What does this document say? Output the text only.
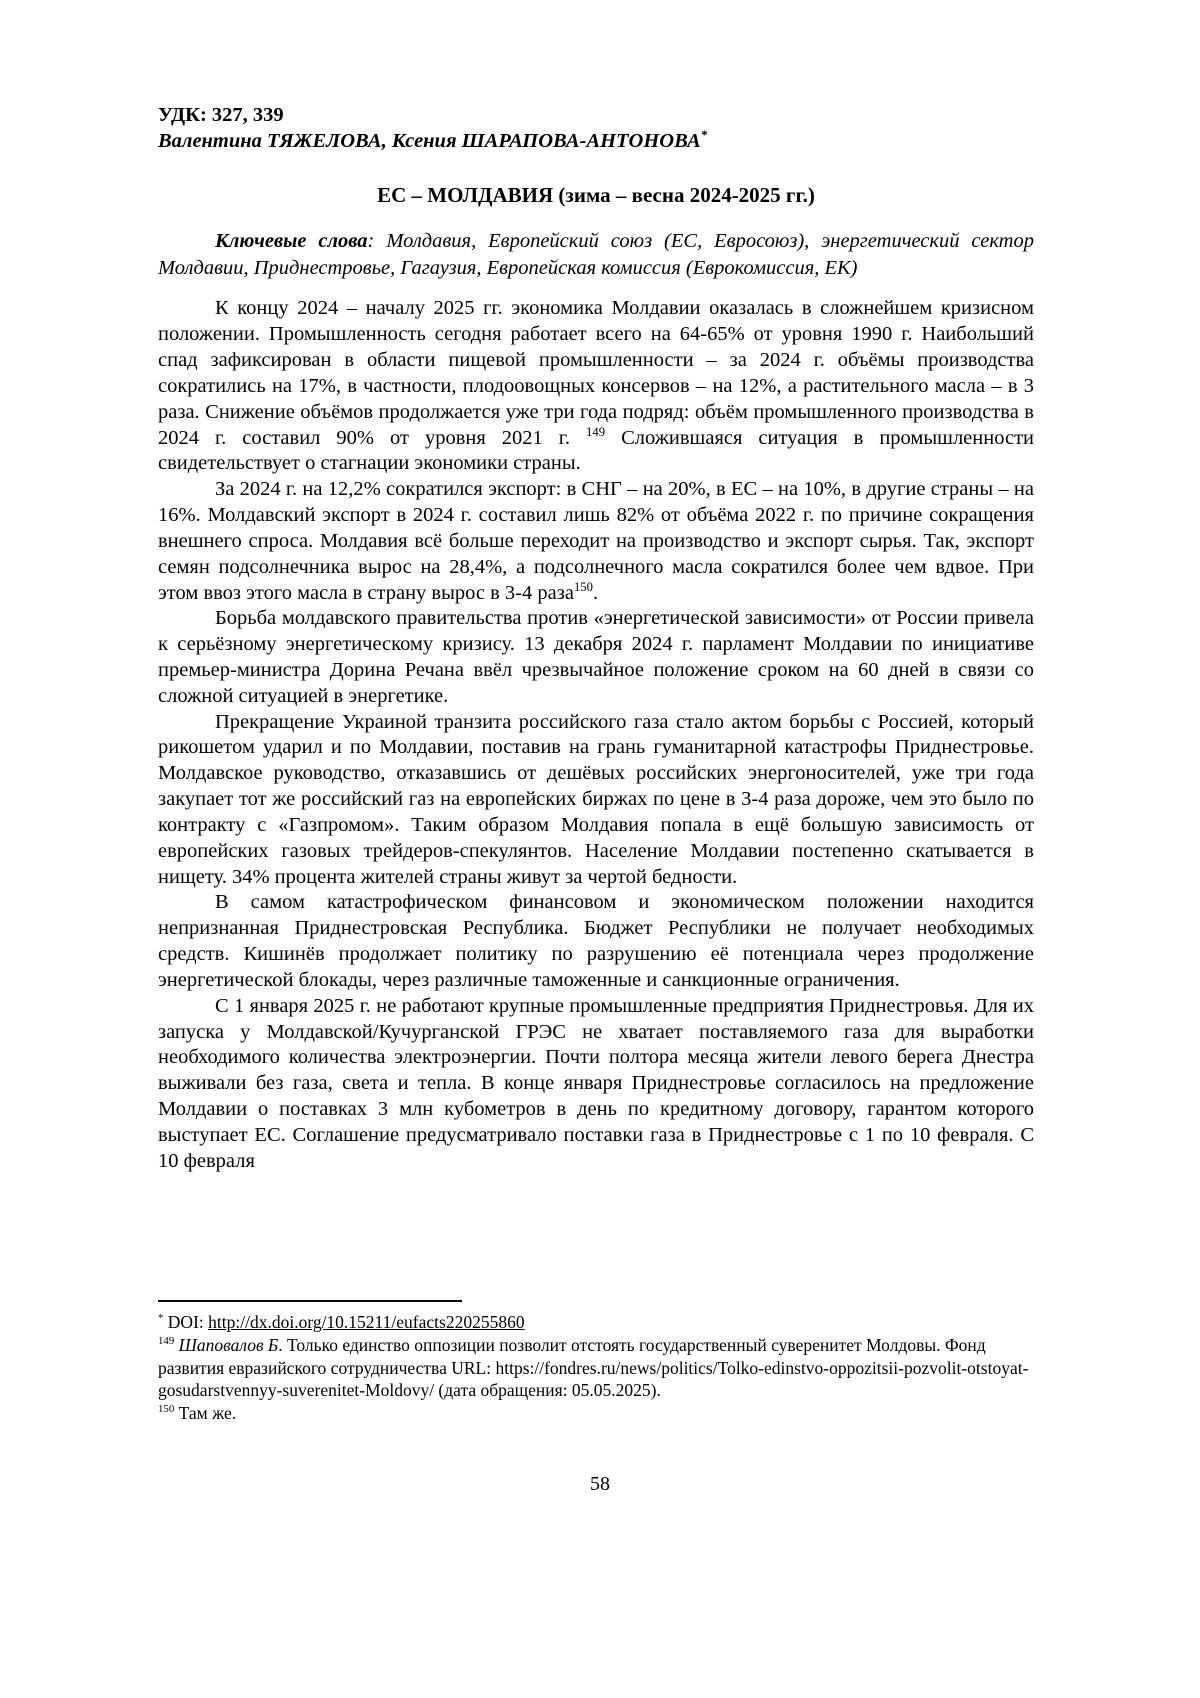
УДК: 327, 339
Валентина ТЯЖЕЛОВА, Ксения ШАРАПОВА-АНТОНОВА*
ЕС – МОЛДАВИЯ (зима – весна 2024-2025 гг.)

Ключевые слова: Молдавия, Европейский союз (ЕС, Евросоюз), энергетический сектор Молдавии, Приднестровье, Гагаузия, Европейская комиссия (Еврокомиссия, ЕК)

К концу 2024 – началу 2025 гг. экономика Молдавии оказалась в сложнейшем кризисном положении. Промышленность сегодня работает всего на 64-65% от уровня 1990 г. Наибольший спад зафиксирован в области пищевой промышленности – за 2024 г. объёмы производства сократились на 17%, в частности, плодоовощных консервов – на 12%, а растительного масла – в 3 раза. Снижение объёмов продолжается уже три года подряд: объём промышленного производства в 2024 г. составил 90% от уровня 2021 г. $^{149}$ Сложившаяся ситуация в промышленности свидетельствует о стагнации экономики страны.

За 2024 г. на 12,2% сократился экспорт: в СНГ – на 20%, в ЕС – на 10%, в другие страны – на 16%. Молдавский экспорт в 2024 г. составил лишь 82% от объёма 2022 г. по причине сокращения внешнего спроса. Молдавия всё больше переходит на производство и экспорт сырья. Так, экспорт семян подсолнечника вырос на 28,4%, а подсолнечного масла сократился более чем вдвое. При этом ввоз этого масла в страну вырос в 3-4 раза$^{150}$.

Борьба молдавского правительства против «энергетической зависимости» от России привела к серьёзному энергетическому кризису. 13 декабря 2024 г. парламент Молдавии по инициативе премьер-министра Дорина Речана ввёл чрезвычайное положение сроком на 60 дней в связи со сложной ситуацией в энергетике.

Прекращение Украиной транзита российского газа стало актом борьбы с Россией, который рикошетом ударил и по Молдавии, поставив на грань гуманитарной катастрофы Приднестровье. Молдавское руководство, отказавшись от дешёвых российских энергоносителей, уже три года закупает тот же российский газ на европейских биржах по цене в 3-4 раза дороже, чем это было по контракту с «Газпромом». Таким образом Молдавия попала в ещё большую зависимость от европейских газовых трейдеров-спекулянтов. Население Молдавии постепенно скатывается в нищету. 34% процента жителей страны живут за чертой бедности.

В самом катастрофическом финансовом и экономическом положении находится непризнанная Приднестровская Республика. Бюджет Республики не получает необходимых средств. Кишинёв продолжает политику по разрушению её потенциала через продолжение энергетической блокады, через различные таможенные и санкционные ограничения.

С 1 января 2025 г. не работают крупные промышленные предприятия Приднестровья. Для их запуска у Молдавской/Кучурганской ГРЭС не хватает поставляемого газа для выработки необходимого количества электроэнергии. Почти полтора месяца жители левого берега Днестра выживали без газа, света и тепла. В конце января Приднестровье согласилось на предложение Молдавии о поставках 3 млн кубометров в день по кредитному договору, гарантом которого выступает ЕС. Соглашение предусматривало поставки газа в Приднестровье с 1 по 10 февраля. С 10 февраля

* DOI: http://dx.doi.org/10.15211/eufacts220255860
$^{149}$ Шаповалов Б. Только единство оппозиции позволит отстоять государственный суверенитет Молдовы. Фонд развития евразийского сотрудничества URL: https://fondres.ru/news/politics/Tolko-edinstvo-oppozitsii-pozvolit-otstoyat-gosudarstvennyy-suverenitet-Moldovy/ (дата обращения: 05.05.2025).
$^{150}$ Там же.
58
